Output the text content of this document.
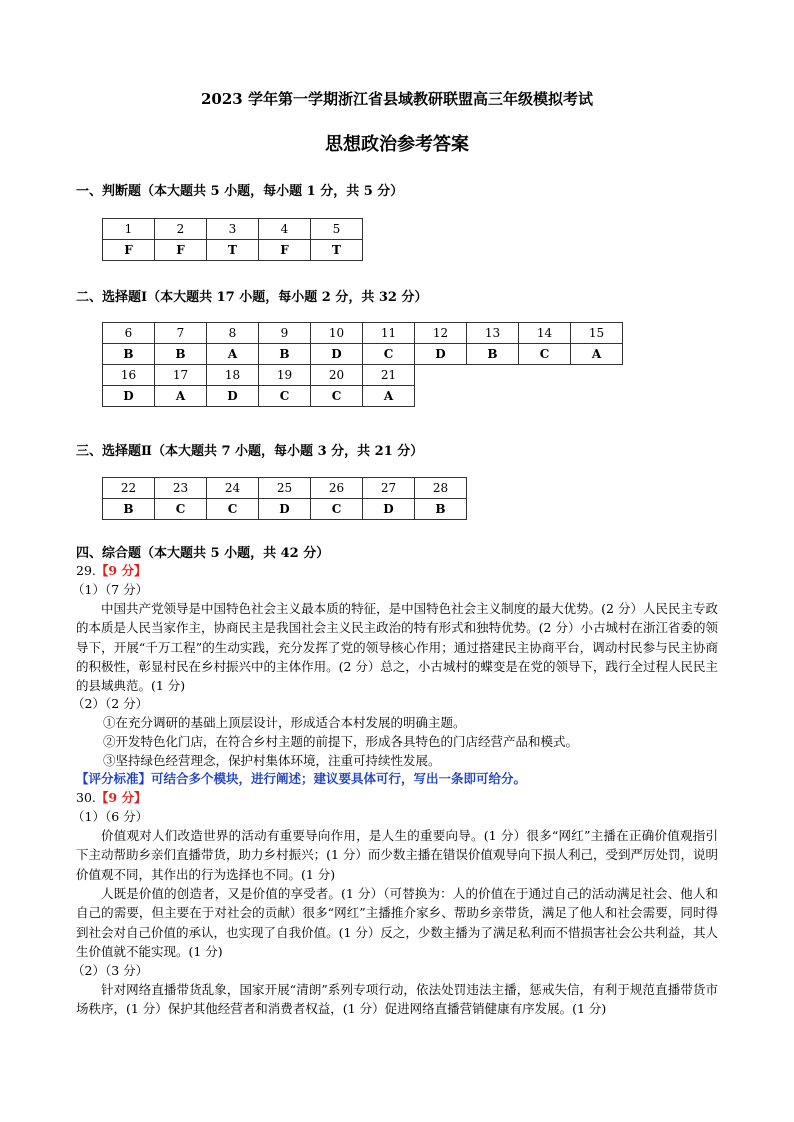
2023 学年第一学期浙江省县域教研联盟高三年级模拟考试
思想政治参考答案
一、判断题（本大题共 5 小题，每小题 1 分，共 5 分）
1	2	3	4	5
F	F	T	F	T
二、选择题Ⅰ（本大题共 17 小题，每小题 2 分，共 32 分）
6	7	8	9	10	11	12	13	14	15
B	B	A	B	D	C	D	B	C	A
16	17	18	19	20	21				
D	A	D	C	C	A				
三、选择题Ⅱ（本大题共 7 小题，每小题 3 分，共 21 分）
22	23	24	25	26	27	28
B	C	C	D	C	D	B
四、综合题（本大题共 5 小题，共 42 分）
29.【9 分】
（1）（7 分）
中国共产党领导是中国特色社会主义最本质的特征，是中国特色社会主义制度的最大优势。(2 分）人民民主专政的本质是人民当家作主，协商民主是我国社会主义民主政治的特有形式和独特优势。(2 分）小古城村在浙江省委的领导下，开展“千万工程”的生动实践，充分发挥了党的领导核心作用；通过搭建民主协商平台，调动村民参与民主协商的积极性，彰显村民在乡村振兴中的主体作用。(2 分）总之，小古城村的蝶变是在党的领导下，践行全过程人民民主的县域典范。(1 分)
（2）（2 分）
①在充分调研的基础上顶层设计，形成适合本村发展的明确主题。
②开发特色化门店，在符合乡村主题的前提下，形成各具特色的门店经营产品和模式。
③坚持绿色经营理念，保护村集体环境，注重可持续性发展。
【评分标准】可结合多个模块，进行阐述；建议要具体可行，写出一条即可给分。
30.【9 分】
（1）（6 分）
价值观对人们改造世界的活动有重要导向作用，是人生的重要向导。(1 分）很多“网红”主播在正确价值观指引下主动帮助乡亲们直播带货，助力乡村振兴；(1 分）而少数主播在错误价值观导向下损人利己，受到严厉处罚，说明价值观不同，其作出的行为选择也不同。(1 分)
人既是价值的创造者，又是价值的享受者。(1 分）（可替换为：人的价值在于通过自己的活动满足社会、他人和自己的需要，但主要在于对社会的贡献）很多“网红”主播推介家乡、帮助乡亲带货，满足了他人和社会需要，同时得到社会对自己价值的承认，也实现了自我价值。(1 分）反之，少数主播为了满足私利而不惜损害社会公共利益，其人生价值就不能实现。(1 分)
（2）（3 分）
针对网络直播带货乱象，国家开展“清朗”系列专项行动，依法处罚违法主播，惩戒失信，有利于规范直播带货市场秩序，(1 分）保护其他经营者和消费者权益，(1 分）促进网络直播营销健康有序发展。(1 分)
